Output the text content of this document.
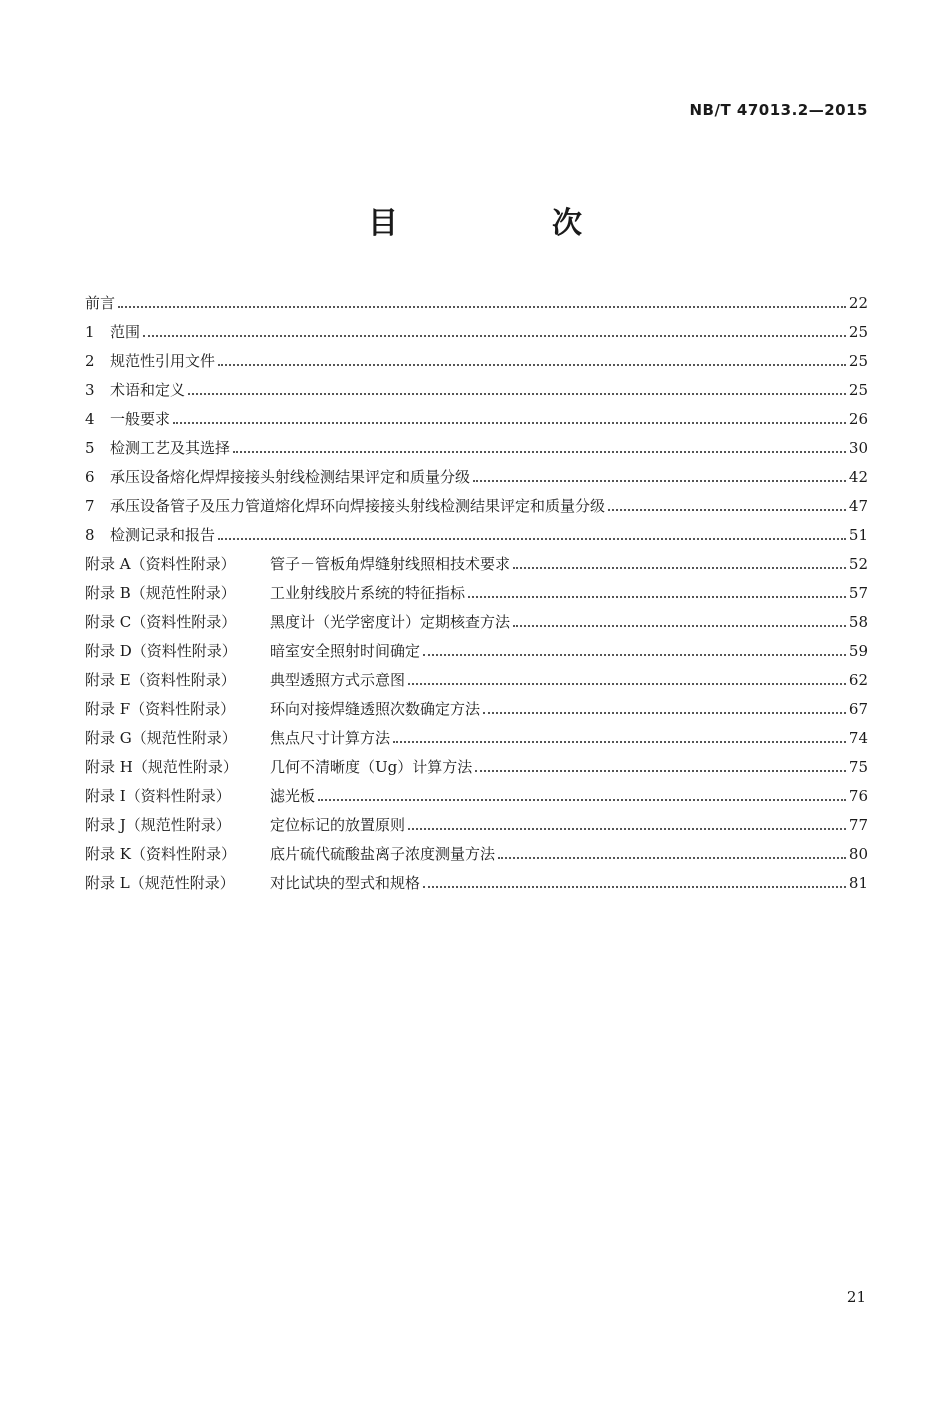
NB/T 47013.2—2015
目　次
前言	22
1	范围	25
2	规范性引用文件	25
3	术语和定义	25
4	一般要求	26
5	检测工艺及其选择	30
6	承压设备熔化焊焊接接头射线检测结果评定和质量分级	42
7	承压设备管子及压力管道熔化焊环向焊接接头射线检测结果评定和质量分级	47
8	检测记录和报告	51
附录 A（资料性附录）	管子－管板角焊缝射线照相技术要求	52
附录 B（规范性附录）	工业射线胶片系统的特征指标	57
附录 C（资料性附录）	黑度计（光学密度计）定期核查方法	58
附录 D（资料性附录）	暗室安全照射时间确定	59
附录 E（资料性附录）	典型透照方式示意图	62
附录 F（资料性附录）	环向对接焊缝透照次数确定方法	67
附录 G（规范性附录）	焦点尺寸计算方法	74
附录 H（规范性附录）	几何不清晰度（Ug）计算方法	75
附录 I（资料性附录）	滤光板	76
附录 J（规范性附录）	定位标记的放置原则	77
附录 K（资料性附录）	底片硫代硫酸盐离子浓度测量方法	80
附录 L（规范性附录）	对比试块的型式和规格	81
21
